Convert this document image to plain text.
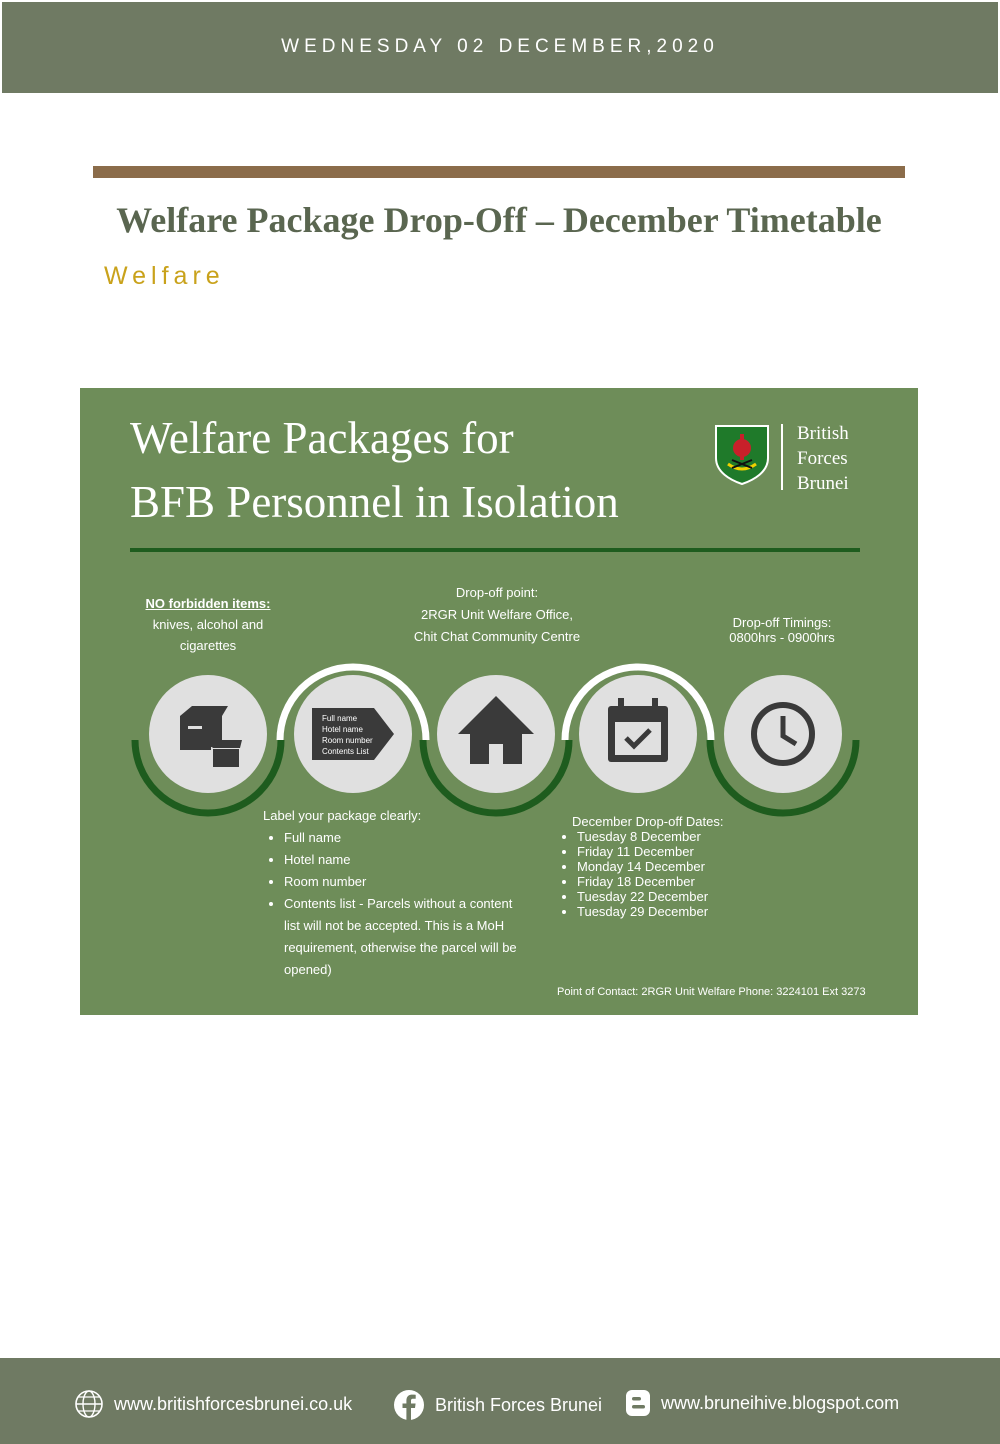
WEDNESDAY 02 DECEMBER,2020
Welfare Package Drop-Off – December Timetable
Welfare
Welfare Packages for
BFB Personnel in Isolation
British
Forces
Brunei
NO forbidden items:
knives, alcohol and
cigarettes
Drop-off point:
2RGR Unit Welfare Office,
Chit Chat Community Centre
Drop-off Timings:
0800hrs - 0900hrs
Full name
Hotel name
Room number
Contents List
Label your package clearly:
• Full name
• Hotel name
• Room number
• Contents list - Parcels without a content list will not be accepted. This is a MoH requirement, otherwise the parcel will be opened)
December Drop-off Dates:
• Tuesday 8 December
• Friday 11 December
• Monday 14 December
• Friday 18 December
• Tuesday 22 December
• Tuesday 29 December
Point of Contact: 2RGR Unit Welfare Phone: 3224101 Ext 3273
www.britishforcesbrunei.co.uk	British Forces Brunei	www.bruneihive.blogspot.com
